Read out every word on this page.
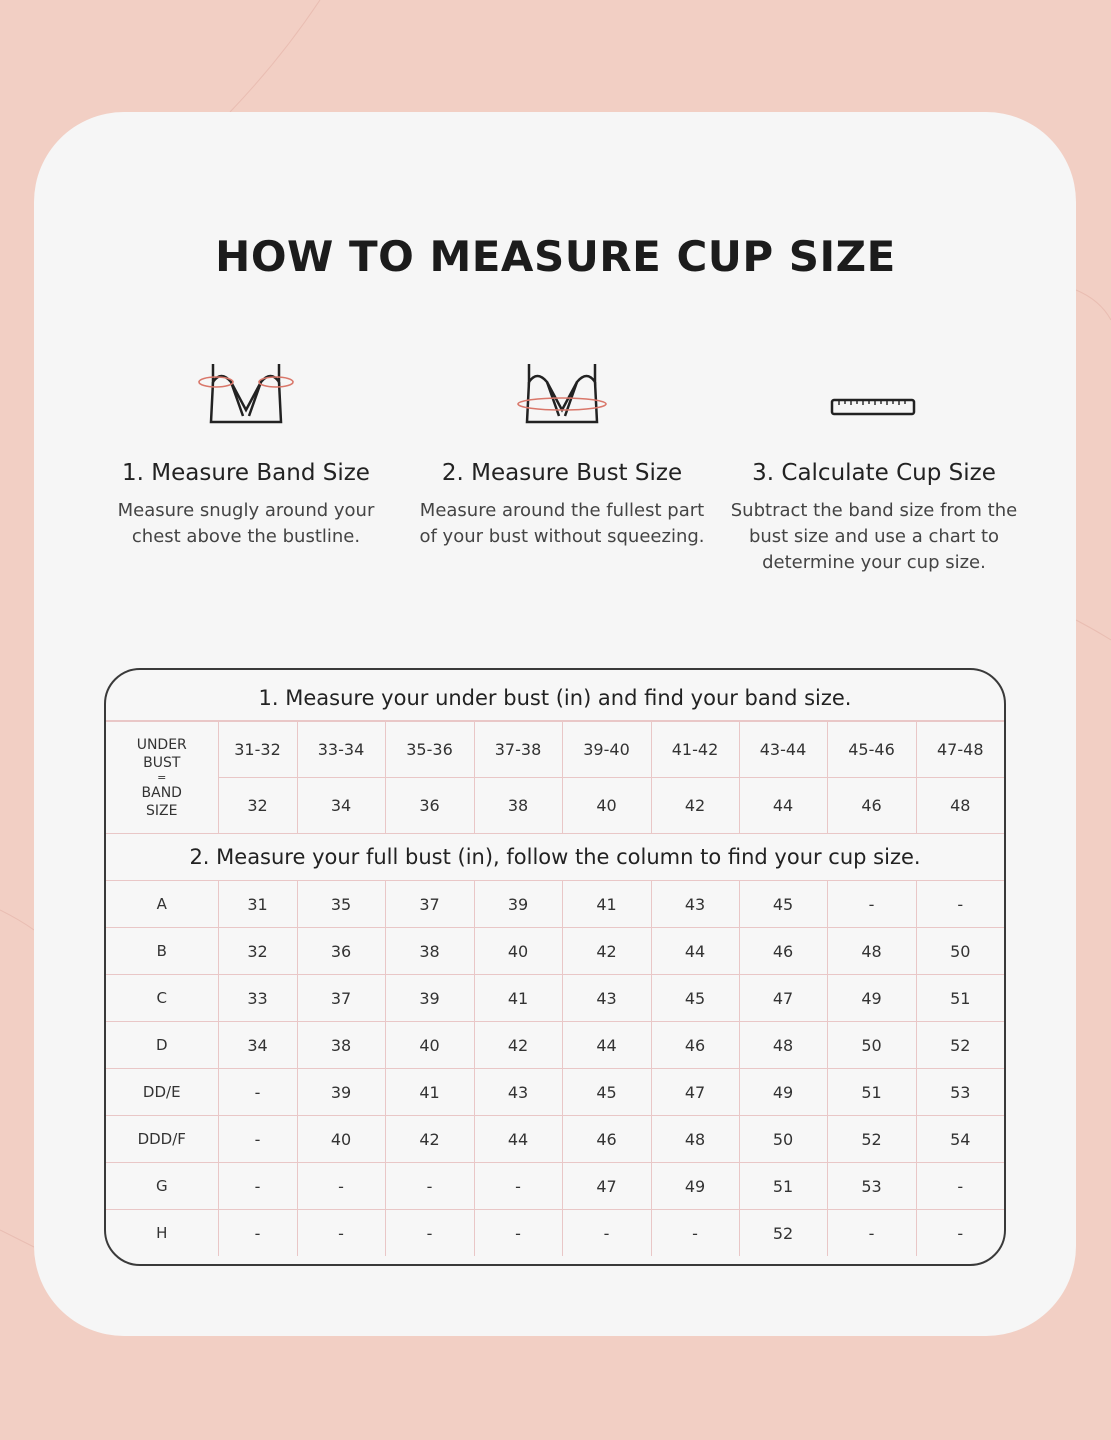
HOW TO MEASURE CUP SIZE
1. Measure Band Size

Measure snugly around your chest above the bustline.

2. Measure Bust Size

Measure around the fullest part of your bust without squeezing.

3. Calculate Cup Size

Subtract the band size from the bust size and use a chart to determine your cup size.

1. Measure your under bust (in) and find your band size.
UNDER
BUST
=
BAND
SIZE	31-32	33-34	35-36	37-38	39-40	41-42	43-44	45-46	47-48
	32	34	36	38	40	42	44	46	48
2. Measure your full bust (in), follow the column to find your cup size.									
A	31	35	37	39	41	43	45	-	-
B	32	36	38	40	42	44	46	48	50
C	33	37	39	41	43	45	47	49	51
D	34	38	40	42	44	46	48	50	52
DD/E	-	39	41	43	45	47	49	51	53
DDD/F	-	40	42	44	46	48	50	52	54
G	-	-	-	-	47	49	51	53	-
H	-	-	-	-	-	-	52	-	-
